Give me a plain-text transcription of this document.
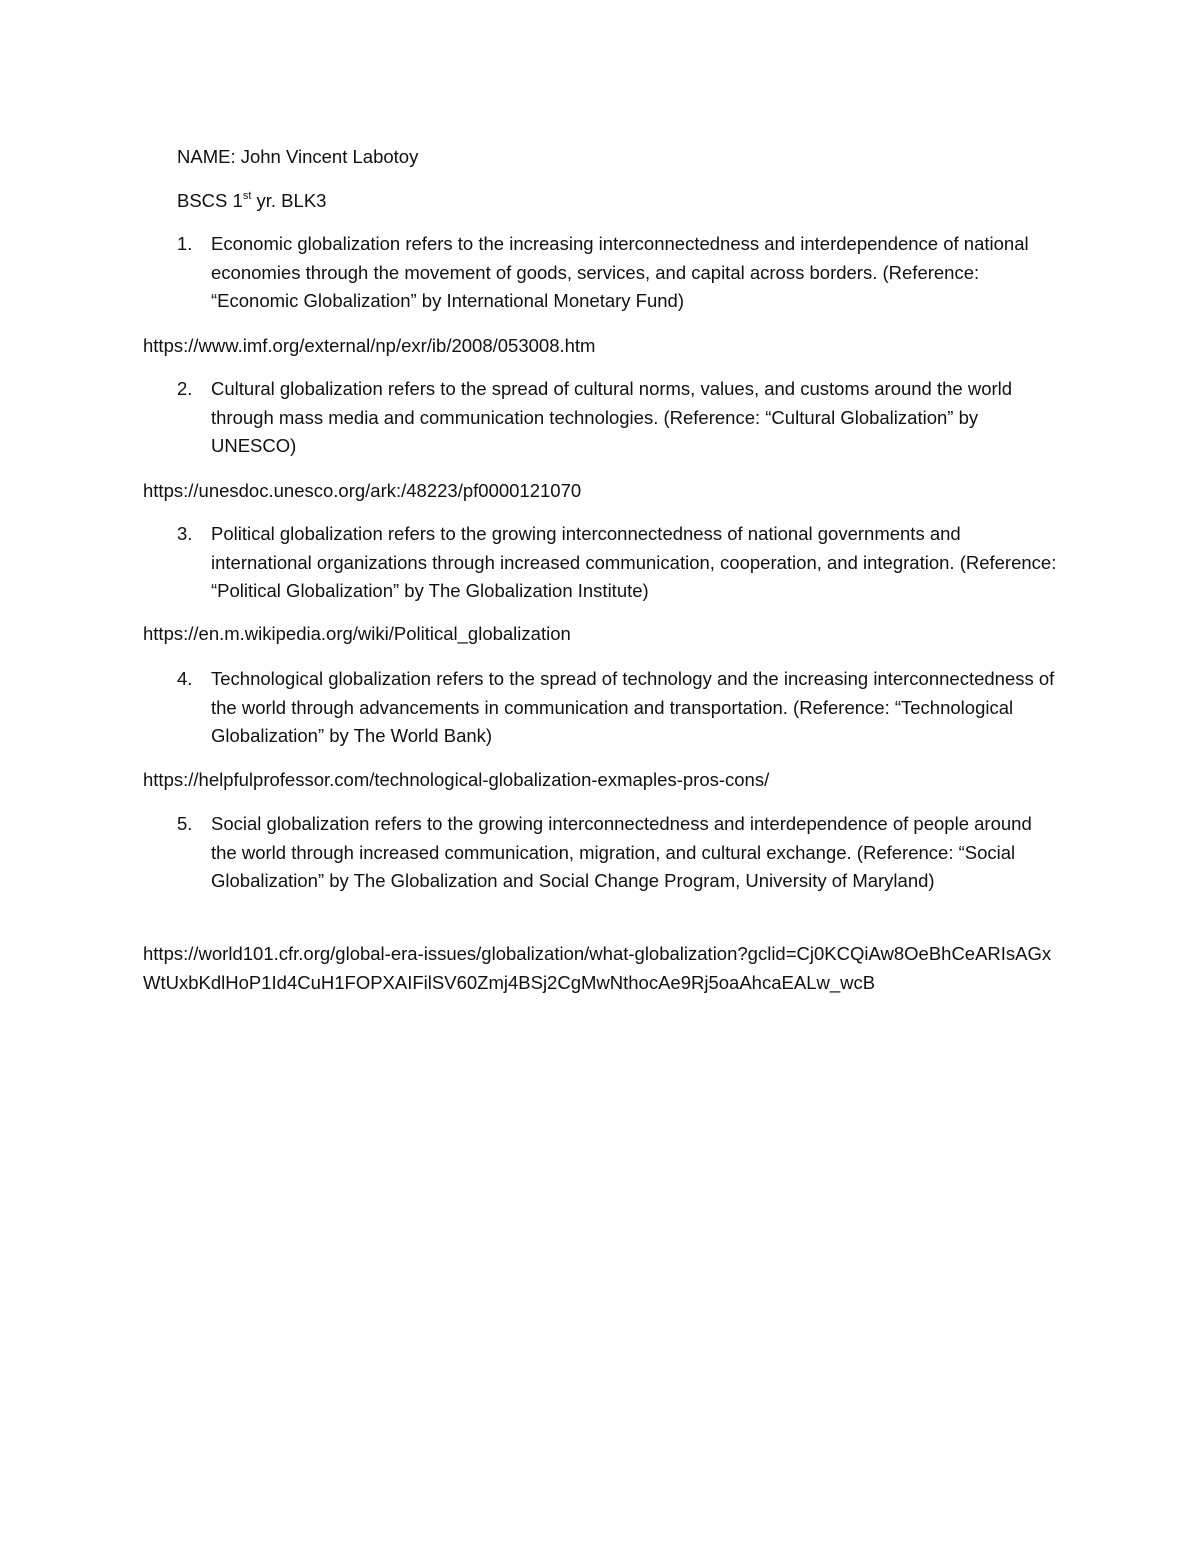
NAME: John Vincent Labotoy
BSCS 1st yr. BLK3
1.	Economic globalization refers to the increasing interconnectedness and interdependence of national economies through the movement of goods, services, and capital across borders. (Reference: “Economic Globalization” by International Monetary Fund)
https://www.imf.org/external/np/exr/ib/2008/053008.htm
2.	Cultural globalization refers to the spread of cultural norms, values, and customs around the world through mass media and communication technologies. (Reference: “Cultural Globalization” by UNESCO)
https://unesdoc.unesco.org/ark:/48223/pf0000121070
3.	Political globalization refers to the growing interconnectedness of national governments and international organizations through increased communication, cooperation, and integration. (Reference: “Political Globalization” by The Globalization Institute)
https://en.m.wikipedia.org/wiki/Political_globalization
4.	Technological globalization refers to the spread of technology and the increasing interconnectedness of the world through advancements in communication and transportation. (Reference: “Technological Globalization” by The World Bank)
https://helpfulprofessor.com/technological-globalization-exmaples-pros-cons/
5.	Social globalization refers to the growing interconnectedness and interdependence of people around the world through increased communication, migration, and cultural exchange. (Reference: “Social Globalization” by The Globalization and Social Change Program, University of Maryland)
https://world101.cfr.org/global-era-issues/globalization/what-globalization?gclid=Cj0KCQiAw8OeBhCeARIsAGxWtUxbKdlHoP1Id4CuH1FOPXAIFilSV60Zmj4BSj2CgMwNthocAe9Rj5oaAhcaEALw_wcB
